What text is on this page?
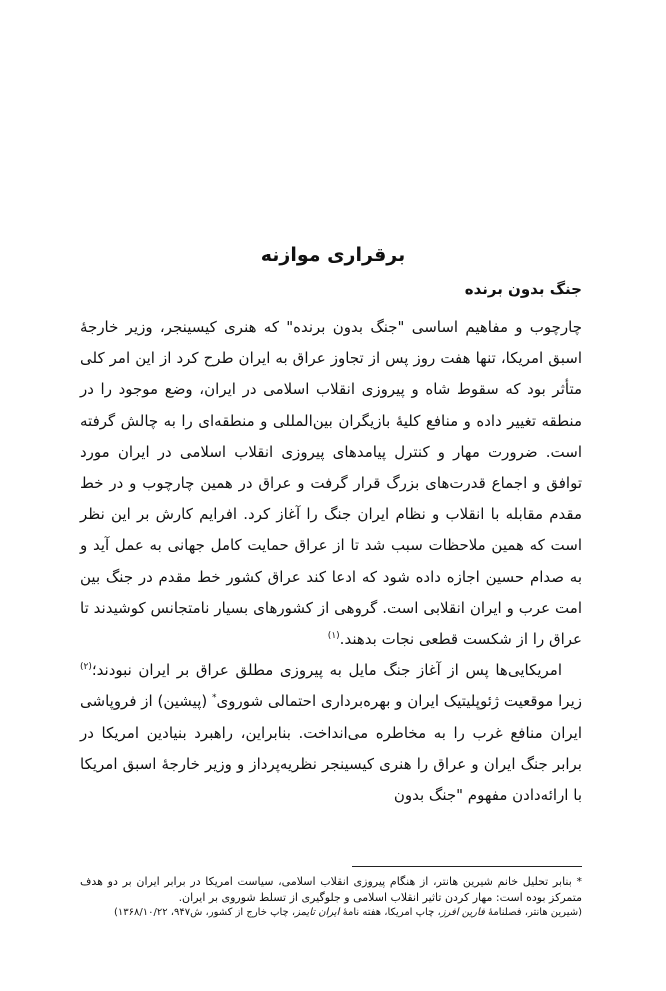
برقراری موازنه
جنگ بدون برنده

چارچوب و مفاهیم اساسی "جنگ بدون برنده" که هنری کیسینجر، وزیر خارجهٔ اسبق امریکا، تنها هفت روز پس از تجاوز عراق به ایران طرح کرد از این امر کلی متأثر بود که سقوط شاه و پیروزی انقلاب اسلامی در ایران، وضع موجود را در منطقه تغییر داده و منافع کلیهٔ بازیگران بین‌المللی و منطقه‌ای را به چالش گرفته است. ضرورت مهار و کنترل پیامدهای پیروزی انقلاب اسلامی در ایران مورد توافق و اجماع قدرت‌های بزرگ قرار گرفت و عراق در همین چارچوب و در خط مقدم مقابله با انقلاب و نظام ایران جنگ را آغاز کرد. افرایم کارش بر این نظر است که همین ملاحظات سبب شد تا از عراق حمایت کامل جهانی به عمل آید و به صدام حسین اجازه داده شود که ادعا کند عراق کشور خط مقدم در جنگ بین امت عرب و ایران انقلابی است. گروهی از کشورهای بسیار نامتجانس کوشیدند تا عراق را از شکست قطعی نجات بدهند.$^{(۱)}$

امریکایی‌ها پس از آغاز جنگ مایل به پیروزی مطلق عراق بر ایران نبودند؛$^{(۲)}$ زیرا موقعیت ژئوپلیتیک ایران و بهره‌برداری احتمالی شوروی* (پیشین) از فروپاشی ایران منافع غرب را به مخاطره می‌انداخت. بنابراین، راهبرد بنیادین امریکا در برابر جنگ ایران و عراق را هنری کیسینجر نظریه‌پرداز و وزیر خارجهٔ اسبق امریکا با ارائه‌دادن مفهوم "جنگ بدون

* بنابر تحلیل خانم شیرین هانتر، از هنگام پیروزی انقلاب اسلامی، سیاست امریکا در برابر ایران بر دو هدف متمرکز بوده است: مهار کردن تاثیر انقلاب اسلامی و جلوگیری از تسلط شوروی بر ایران.

(شیرین هانتر، فصلنامهٔ فارین افرز، چاپ امریکا، هفته نامهٔ ایران تایمز، چاپ خارج از کشور، ش۹۴۷، ۱۳۶۸/۱۰/۲۲)
